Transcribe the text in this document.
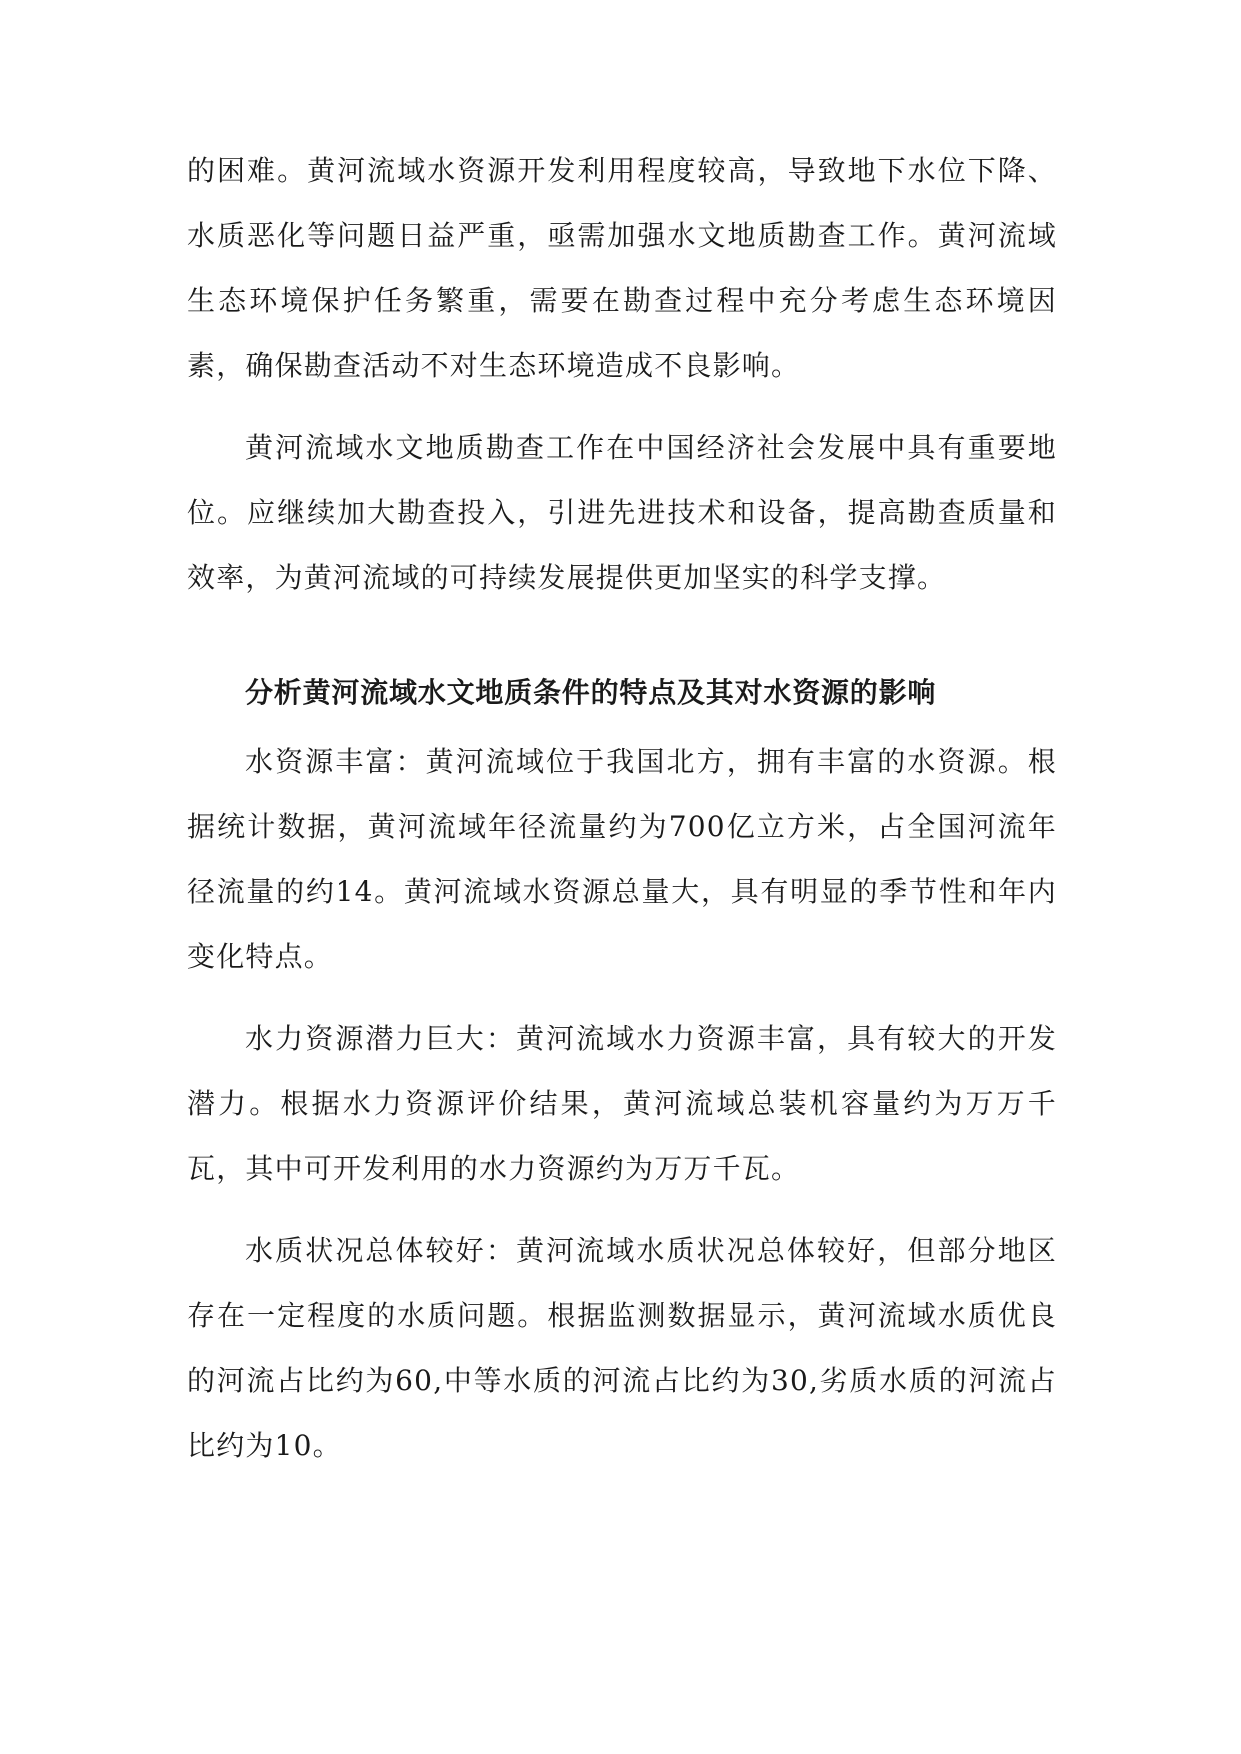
的困难。黄河流域水资源开发利用程度较高，导致地下水位下降、水质恶化等问题日益严重，亟需加强水文地质勘查工作。黄河流域生态环境保护任务繁重，需要在勘查过程中充分考虑生态环境因素，确保勘查活动不对生态环境造成不良影响。

黄河流域水文地质勘查工作在中国经济社会发展中具有重要地位。应继续加大勘查投入，引进先进技术和设备，提高勘查质量和效率，为黄河流域的可持续发展提供更加坚实的科学支撑。

分析黄河流域水文地质条件的特点及其对水资源的影响

水资源丰富：黄河流域位于我国北方，拥有丰富的水资源。根据统计数据，黄河流域年径流量约为700亿立方米，占全国河流年径流量的约14。黄河流域水资源总量大，具有明显的季节性和年内变化特点。

水力资源潜力巨大：黄河流域水力资源丰富，具有较大的开发潜力。根据水力资源评价结果，黄河流域总装机容量约为万万千瓦，其中可开发利用的水力资源约为万万千瓦。

水质状况总体较好：黄河流域水质状况总体较好，但部分地区存在一定程度的水质问题。根据监测数据显示，黄河流域水质优良的河流占比约为60,中等水质的河流占比约为30,劣质水质的河流占比约为10。
